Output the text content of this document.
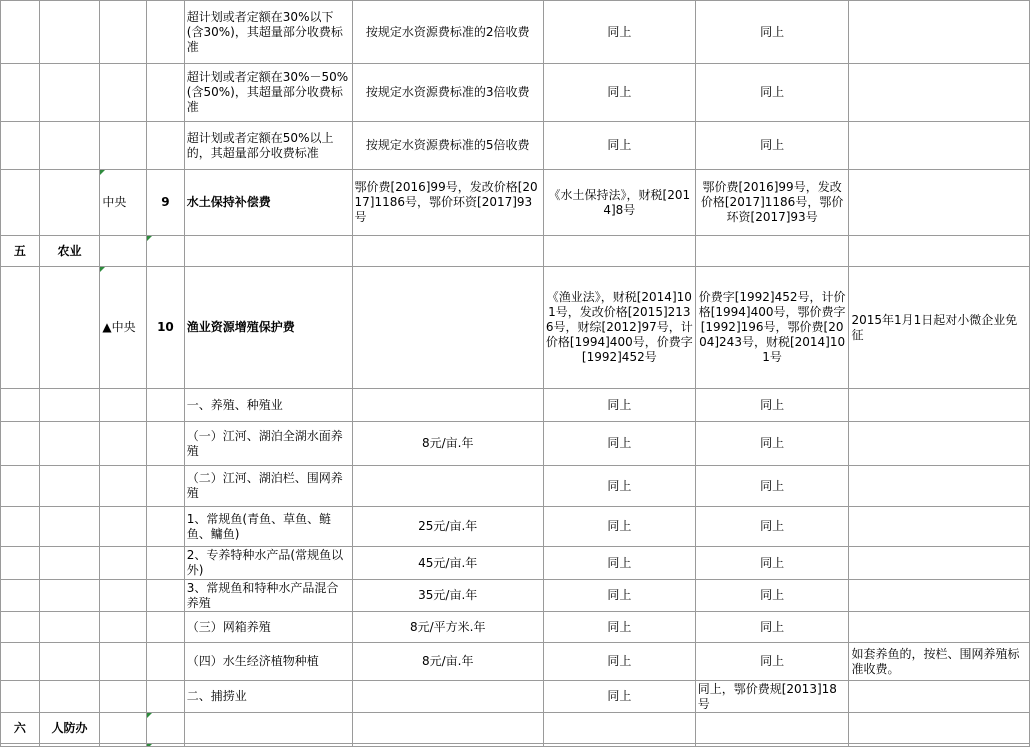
				超计划或者定额在30%以下(含30%)，其超量部分收费标准	按规定水资源费标准的2倍收费	同上	同上	
				超计划或者定额在30%－50%(含50%)，其超量部分收费标准	按规定水资源费标准的3倍收费	同上	同上	
				超计划或者定额在50%以上的，其超量部分收费标准	按规定水资源费标准的5倍收费	同上	同上	
		中央	9	水土保持补偿费	鄂价费[2016]99号，发改价格[2017]1186号，鄂价环资[2017]93号	《水土保持法》，财税[2014]8号	鄂价费[2016]99号，发改价格[2017]1186号，鄂价环资[2017]93号	
五	农业							
		▲中央	10	渔业资源增殖保护费		《渔业法》，财税[2014]101号，发改价格[2015]2136号，财综[2012]97号，计价格[1994]400号，价费字[1992]452号	价费字[1992]452号，计价格[1994]400号，鄂价费字[1992]196号，鄂价费[2004]243号，财税[2014]101号	2015年1月1日起对小微企业免征
				一、养殖、种殖业		同上	同上	
				（一）江河、湖泊全湖水面养殖	8元/亩.年	同上	同上	
				（二）江河、湖泊栏、围网养殖		同上	同上	
				1、常规鱼(青鱼、草鱼、鲢鱼、鳙鱼)	25元/亩.年	同上	同上	
				2、专养特种水产品(常规鱼以外)	45元/亩.年	同上	同上	
				3、常规鱼和特种水产品混合养殖	35元/亩.年	同上	同上	
				（三）网箱养殖	8元/平方米.年	同上	同上	
				（四）水生经济植物种植	8元/亩.年	同上	同上	如套养鱼的，按栏、围网养殖标准收费。
				二、捕捞业		同上	同上，鄂价费规[2013]18号	
六	人防办							
